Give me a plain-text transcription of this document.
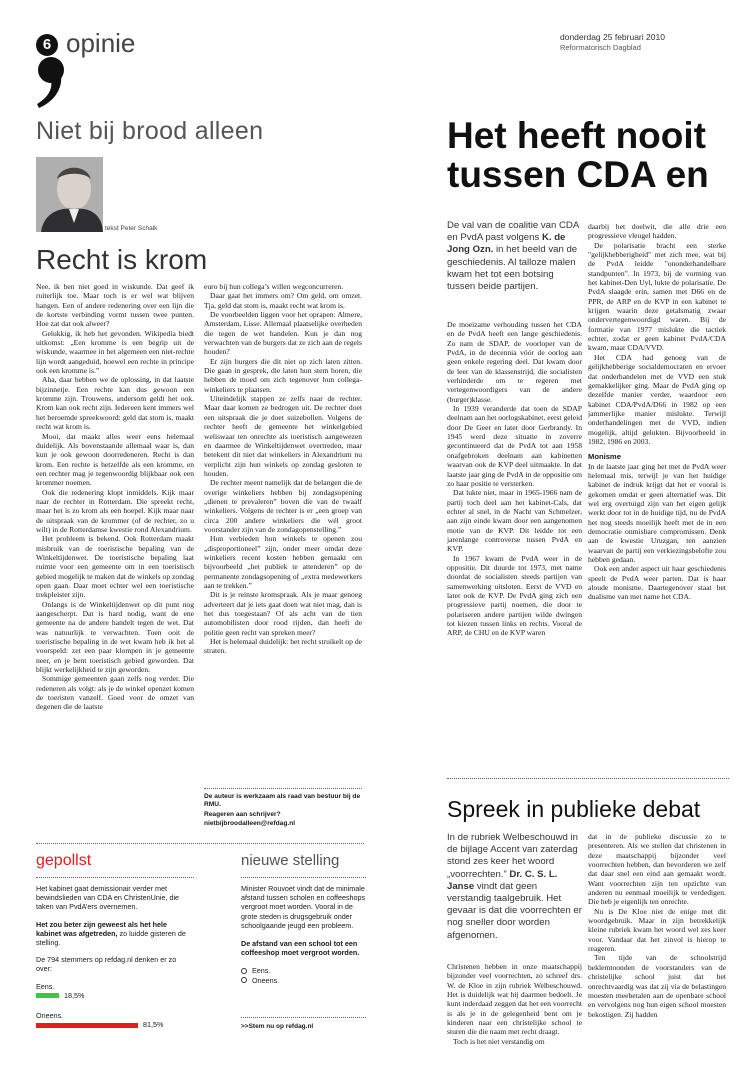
6 opinie	donderdag 25 februari 2010
Reformatorisch Dagblad
Niet bij brood alleen
tekst Peter Schalk
Recht is krom

Nee, ik ben niet goed in wiskunde. Dat geef ik ruiterlijk toe. Maar toch is er wel wat blijven hangen. Een of andere redenering over een lijn die de kortste verbinding vormt tussen twee punten. Hoe zat dat ook alweer?

Gelukkig, ik heb het gevonden. Wikipedia biedt uitkomst: „Een kromme is een begrip uit de wiskunde, waarmee in het algemeen een niet-rechte lijn wordt aangeduid, hoewel een rechte in principe ook een kromme is.”

Aha, daar hebben we de oplossing, in dat laatste bijzinnetje. Een rechte kan dus gewoon een kromme zijn. Trouwens, andersom geldt het ook. Krom kan ook recht zijn. Iedereen kent immers wel het beroemde spreekwoord: geld dat stom is, maakt recht wat krom is.

Mooi, dat maakt alles weer eens helemaal duidelijk. Als bovenstaande allemaal waar is, dan kun je ook gewoon doorredeneren. Recht is dan krom. Een rechte is hetzelfde als een kromme, en een rechter mag je tegenwoordig blijkbaar ook een krommer noemen.

Ook die redenering klopt inmiddels. Kijk maar naar de rechter in Rotterdam. Die spreekt recht, maar het is zo krom als een hoepel. Kijk maar naar de uitspraak van de krommer (of de rechter, zo u wilt) in de Rotterdamse kwestie rond Alexandrium.

Het probleem is bekend. Ook Rotterdam maakt misbruik van de toeristische bepaling van de Winkeltijdenwet. De toeristische bepaling laat ruimte voor een gemeente om in een toeristisch gebied mogelijk te maken dat de winkels op zondag open gaan. Daar moet echter wel een toeristische trekpleister zijn.

Onlangs is de Winkeltijdenwet op dit punt nog aangescherpt. Dat is hard nodig, want de ene gemeente na de andere handelt tegen de wet. Dat was natuurlijk te verwachten. Toen ooit de toeristische bepaling in de wet kwam heb ik het al voorspeld: zet een paar klompen in je gemeente neer, en je bent toeristisch gebied geworden. Dat blijkt werkelijkheid te zijn geworden.

Sommige gemeenten gaan zelfs nog verder. Die redeneren als volgt: als je de winkel openzet komen de toeristen vanzelf. Goed voor de omzet van degenen die de laatste

euro bij hun collega’s willen wegconcurreren.

Daar gaat het immers om? Om geld, om omzet. Tja, geld dat stom is, maakt recht wat krom is.

De voorbeelden liggen voor het oprapen: Almere, Amsterdam, Lisse. Allemaal plaatselijke overheden die tegen de wet handelen. Kun je dan nog verwachten van de burgers dat ze zich aan de regels houden?

Er zijn burgers die dit niet op zich laten zitten. Die gaan in gesprek, die laten hun stem horen, die hebben de moed om zich tegenover hun collega-winkeliers te plaatsen.

Uiteindelijk stappen ze zelfs naar de rechter. Maar daar komen ze bedrogen uit. De rechter doet een uitspraak die je doet suizebollen. Volgens de rechter heeft de gemeente het winkelgebied weliswaar ten onrechte als toeristisch aangewezen en daarmee de Winkeltijdenwet overtreden, maar betekent dit niet dat winkeliers in Alexandrium nu verplicht zijn hun winkels op zondag gesloten te houden.

De rechter meent namelijk dat de belangen die de overige winkeliers hebben bij zondagsopening „dienen te prevaleren” boven die van de twaalf winkeliers. Volgens de rechter is er „een groep van circa 200 andere winkeliers die wél groot voorstander zijn van de zondagopenstelling.”

Hun verbieden hun winkels te openen zou „disproportioneel” zijn, onder meer omdat deze winkeliers recent kosten hebben gemaakt om bijvoorbeeld „het publiek te attenderen” op de permanente zondagsopening of „extra medewerkers aan te trekken.”

Dit is je reinste kromspraak. Als je maar genoeg adverteert dat je iets gaat doen wat niet mag, dan is het dus toegestaan? Of als acht van de tien automobilisten door rood rijden, dan heeft de politie geen recht van spreken meer?

Het is helemaal duidelijk: het recht struikelt op de straten.

De auteur is werkzaam als raad van bestuur bij de RMU.
Reageren aan schrijver?
nietbijbroodalleen@refdag.nl
gepollst
Het kabinet gaat demissionair verder met bewindslieden van CDA en ChristenUnie, die taken van PvdA’ers overnemen.
Het zou beter zijn geweest als het hele kabinet was afgetreden, zo luidde gisteren de stelling.
De 794 stemmers op refdag.nl denken er zo over:
Eens.
18,5%
Oneens.
81,5%
nieuwe stelling
Minister Rouvoet vindt dat de minimale afstand tussen scholen en coffeeshops vergroot moet worden. Vooral in de grote steden is drugsgebruik onder schoolgaande jeugd een probleem.
De afstand van een school tot een coffeeshop moet vergroot worden.
Eens.
Oneens.
>>Stem nu op refdag.nl
Het heeft nooit
tussen CDA en
De val van de coalitie van CDA en PvdA past volgens K. de Jong Ozn. in het beeld van de geschiedenis. Al talloze malen kwam het tot een botsing tussen beide partijen.

De moeizame verhouding tussen het CDA en de PvdA heeft een lange geschiedenis. Zo nam de SDAP, de voorloper van de PvdA, in de decennia vóór de oorlog aan geen enkele regering deel. Dat kwam door de leer van de klassenstrijd, die socialisten verhinderde om te regeren met vertegenwoordigers van de andere (burger)klasse.

In 1939 veranderde dat toen de SDAP deelnam aan het oorlogskabinet, eerst geleid door De Geer en later door Gerbrandy. In 1945 werd deze situatie in zoverre gecontinueerd dat de PvdA tot aan 1958 onafgebroken deelnam aan kabinetten waarvan ook de KVP deel uitmaakte. In dat laatste jaar ging de PvdA in de oppositie om zo haar positie te versterken.

Dat lukte niet, maar in 1965-1966 nam de partij toch deel aan het kabinet-Cals, dat echter al snel, in de Nacht van Schmelzer, aan zijn einde kwam door een aangenomen motie van de KVP. Dit leidde tot een jarenlange controverse tussen PvdA en KVP.

In 1967 kwam de PvdA weer in de oppositie. Dit duurde tot 1973, met name doordat de socialisten steeds partijen van samenwerking uitsloten. Eerst de VVD en later ook de KVP. De PvdA ging zich een progressieve partij noemen, die door te polariseren andere partijen wilde dwingen tot kiezen tussen links en rechts. Vooral de ARP, de CHU en de KVP waren

daarbij het doelwit, die alle drie een progressieve vleugel hadden.

De polarisatie bracht een sterke "gelijkhebberigheid" met zich mee, wat bij de PvdA leidde "ononderhandelbare standpunten". In 1973, bij de vorming van het kabinet-Den Uyl, lukte de polarisatie. De PvdA slaagde erin, samen met D66 en de PPR, de ARP en de KVP in een kabinet te krijgen waarin deze getalsmatig zwaar ondervertegenwoordigd waren. Bij de formatie van 1977 mislukte die tactiek echter, zodat er geen kabinet PvdA/CDA kwam, maar CDA/VVD.

Het CDA had genoeg van de gelijkhebberige socialdemocraten en ervoer dat onderhandelen met de VVD een stuk gemakkelijker ging. Maar de PvdA ging op dezelfde manier verder, waardoor een kabinet CDA/PvdA/D66 in 1982 op een jammerlijke manier mislukte. Terwijl onderhandelingen met de VVD, indien mogelijk, altijd gelukten. Bijvoorbeeld in 1982, 1986 en 2003.

Monisme

In de laatste jaar ging het met de PvdA weer helemaal mis, terwijl je van het huidige kabinet de indruk krijgt dat het er vooral is gekomen omdat er geen alternatief was. Dit wel erg overtuigd zijn van het eigen gelijk werkt door tot in de huidige tijd, nu de PvdA het nog steeds moeilijk heeft met de in een democratie onmisbare compromissen. Denk aan de kwestie Uruzgan, ten aanzien waarvan de partij een verkiezingsbelofte zou hebben gedaan.

Ook een ander aspect uit haar geschiedenis speelt de PvdA weer parten. Dat is haar aloude monisme. Daartegenover staat het dualisme van met name het CDA.

Spreek in publieke debat
In de rubriek Welbeschouwd in de bijlage Accent van zaterdag stond zes keer het woord „voorrechten.” Dr. C. S. L. Janse vindt dat geen verstandig taalgebruik. Het gevaar is dat die voorrechten er nog sneller door worden afgenomen.

Christenen hebben in onze maatschappij bijzonder veel voorrechten, zo schreef drs. W. de Kloe in zijn rubriek Welbeschouwd. Het is duidelijk wat hij daarmee bedoelt. Je kunt inderdaad zeggen dat het een voorrecht is als je in de gelegenheid bent om je kinderen naar een christelijke school te sturen die die naam met recht draagt.

Toch is het niet verstandig om

dat in de publieke discussie zo te presenteren. Als we stellen dat christenen in deze maatschappij bijzonder veel voorrechten hebben, dan bevorderen we zelf dat daar snel een eind aan gemaakt wordt. Want voorrechten zijn ten opzichte van anderen nu eenmaal moeilijk te verdedigen. Die heb je eigenlijk ten onrechte.

Nu is De Kloe niet de enige met dit woordgebruik. Maar in zijn betrekkelijk kleine rubriek kwam het woord wel zes keer voor. Vandaar dat het zinvol is hierop te reageren.

Ten tijde van de schoolstrijd beklemtoonden de voorstanders van de christelijke school juist dat het onrechtvaardig was dat zij via de belastingen moesten meebetalen aan de openbare school en vervolgens nog hun eigen school moesten bekostigen. Zij hadden
